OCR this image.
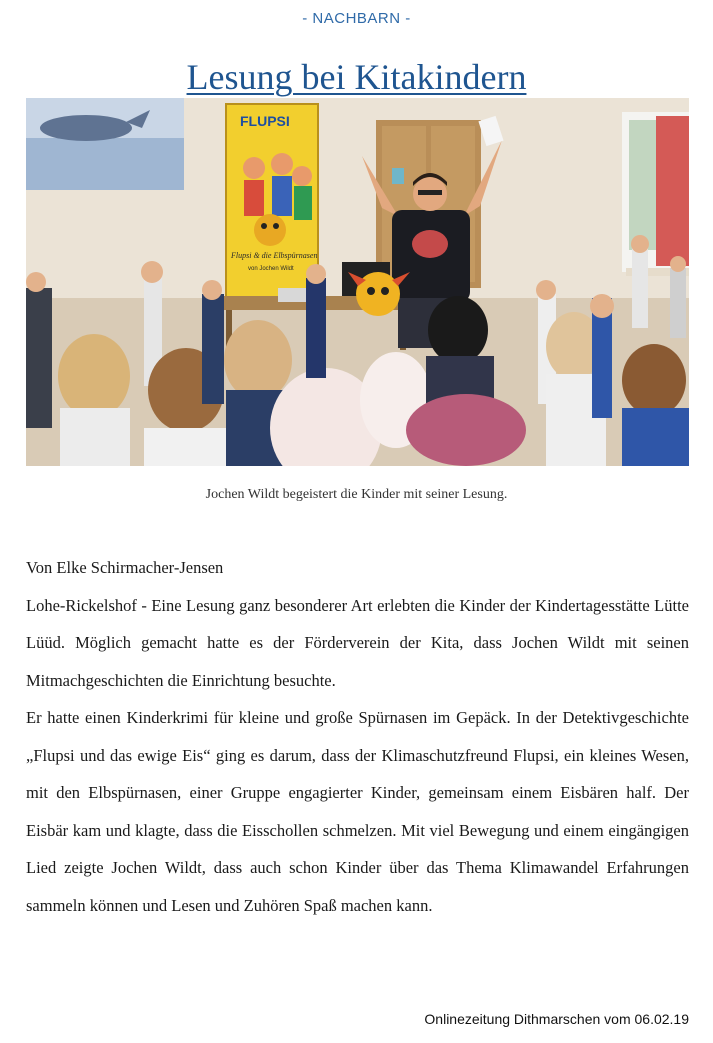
- NACHBARN -
Lesung bei Kitakindern
FLUPSI
Flupsi & die Elbspürnasen
von Jochen Wildt
Jochen Wildt begeistert die Kinder mit seiner Lesung.

Von Elke Schirmacher-Jensen

Lohe-Rickelshof - Eine Lesung ganz besonderer Art erlebten die Kinder der Kindertagesstätte Lütte Lüüd. Möglich gemacht hatte es der Förderverein der Kita, dass Jochen Wildt mit seinen Mitmachgeschichten die Einrichtung besuchte.

Er hatte einen Kinderkrimi für kleine und große Spürnasen im Gepäck. In der Detektivgeschichte „Flupsi und das ewige Eis“ ging es darum, dass der Klimaschutzfreund Flupsi, ein kleines Wesen, mit den Elbspürnasen, einer Gruppe engagierter Kinder, gemeinsam einem Eisbären half. Der Eisbär kam und klagte, dass die Eisschollen schmelzen. Mit viel Bewegung und einem eingängigen Lied zeigte Jochen Wildt, dass auch schon Kinder über das Thema Klimawandel Erfahrungen sammeln können und Lesen und Zuhören Spaß machen kann.

Onlinezeitung Dithmarschen vom 06.02.19
